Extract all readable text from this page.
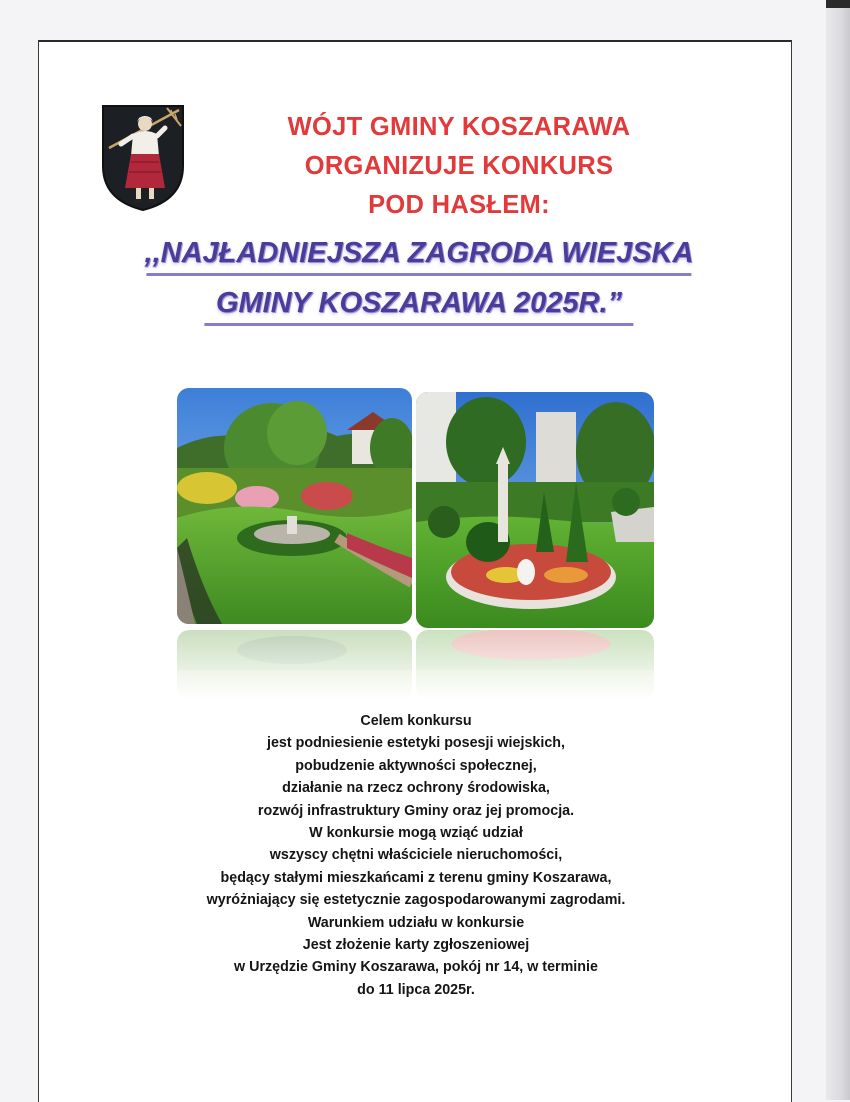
WÓJT GMINY KOSZARAWA
ORGANIZUJE KONKURS
POD HASŁEM:
,,NAJŁADNIEJSZA ZAGRODA WIEJSKA
GMINY KOSZARAWA 2025R.”
Celem konkursu
jest podniesienie estetyki posesji wiejskich,
pobudzenie aktywności społecznej,
działanie na rzecz ochrony środowiska,
rozwój infrastruktury Gminy oraz jej promocja.
W konkursie mogą wziąć udział
wszyscy chętni właściciele nieruchomości,
będący stałymi mieszkańcami z terenu gminy Koszarawa,
wyróżniający się estetycznie zagospodarowanymi zagrodami.
Warunkiem udziału w konkursie
Jest złożenie karty zgłoszeniowej
w Urzędzie Gminy Koszarawa, pokój nr 14, w terminie
do 11 lipca 2025r.
